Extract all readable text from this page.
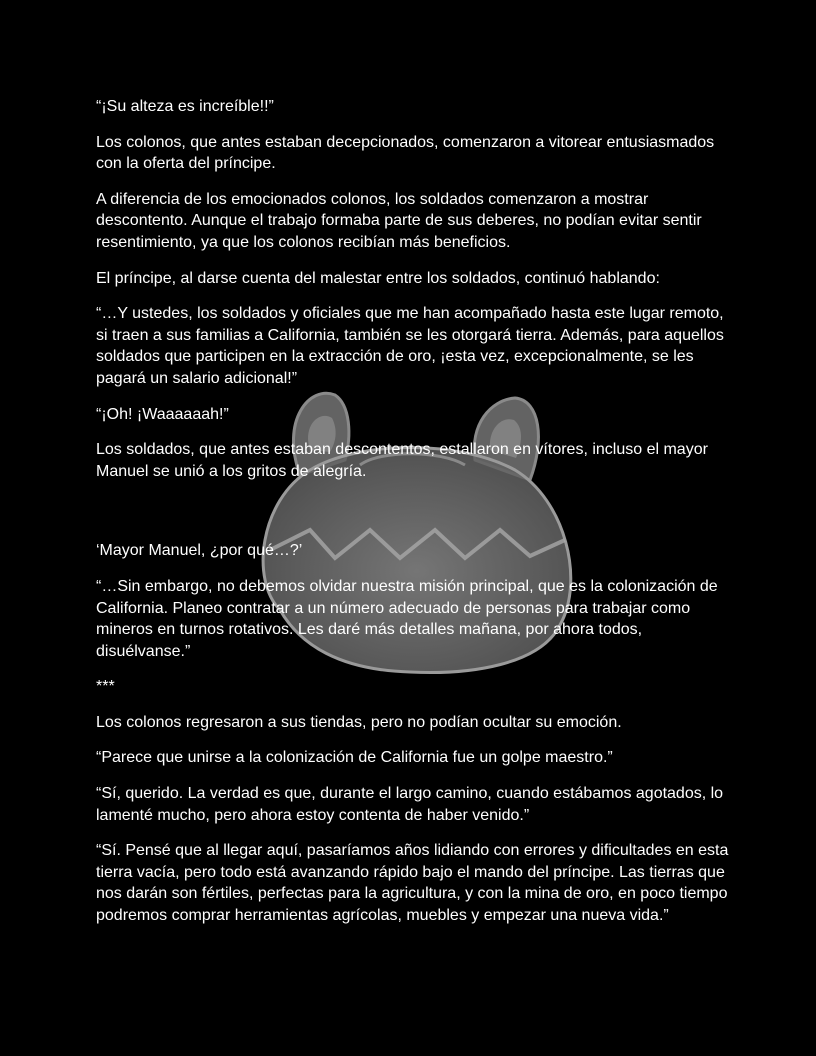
“¡Su alteza es increíble!!”

Los colonos, que antes estaban decepcionados, comenzaron a vitorear entusiasmados con la oferta del príncipe.

A diferencia de los emocionados colonos, los soldados comenzaron a mostrar descontento. Aunque el trabajo formaba parte de sus deberes, no podían evitar sentir resentimiento, ya que los colonos recibían más beneficios.

El príncipe, al darse cuenta del malestar entre los soldados, continuó hablando:

“…Y ustedes, los soldados y oficiales que me han acompañado hasta este lugar remoto, si traen a sus familias a California, también se les otorgará tierra. Además, para aquellos soldados que participen en la extracción de oro, ¡esta vez, excepcionalmente, se les pagará un salario adicional!”

“¡Oh! ¡Waaaaaah!”

Los soldados, que antes estaban descontentos, estallaron en vítores, incluso el mayor Manuel se unió a los gritos de alegría.

‘Mayor Manuel, ¿por qué…?’

“…Sin embargo, no debemos olvidar nuestra misión principal, que es la colonización de California. Planeo contratar a un número adecuado de personas para trabajar como mineros en turnos rotativos. Les daré más detalles mañana, por ahora todos, disuélvanse.”

***

Los colonos regresaron a sus tiendas, pero no podían ocultar su emoción.

“Parece que unirse a la colonización de California fue un golpe maestro.”

“Sí, querido. La verdad es que, durante el largo camino, cuando estábamos agotados, lo lamenté mucho, pero ahora estoy contenta de haber venido.”

“Sí. Pensé que al llegar aquí, pasaríamos años lidiando con errores y dificultades en esta tierra vacía, pero todo está avanzando rápido bajo el mando del príncipe. Las tierras que nos darán son fértiles, perfectas para la agricultura, y con la mina de oro, en poco tiempo podremos comprar herramientas agrícolas, muebles y empezar una nueva vida.”
